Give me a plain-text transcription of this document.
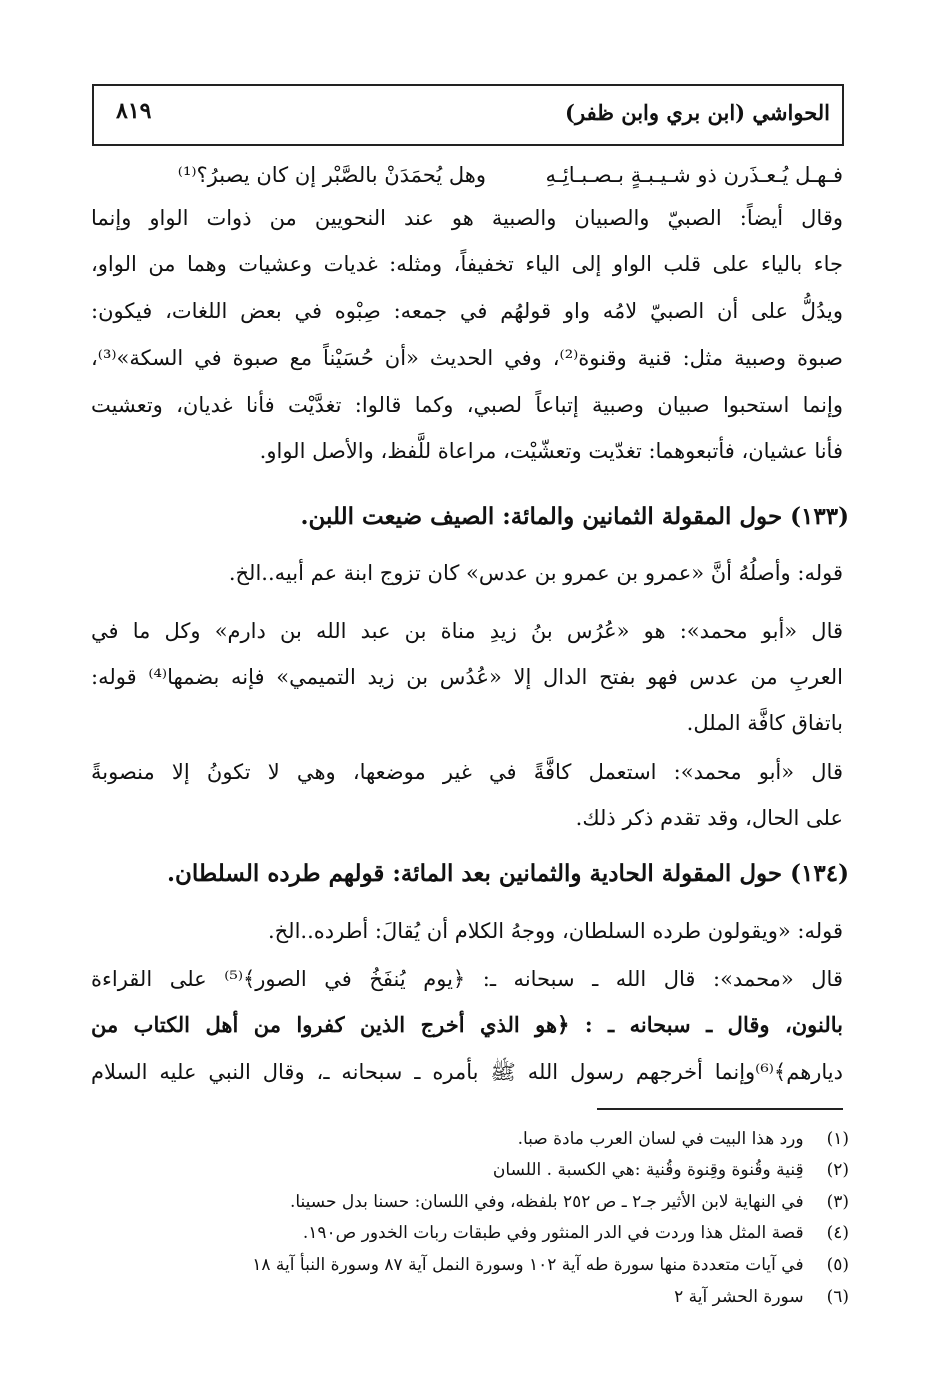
الحواشي (ابن بري وابن ظفر)
٨١٩
فـهـل يُـعـذَرن ذو شـيـبـةٍ بـصـبـائِـهِ
وهل يُحمَدَنْ بالصَّبْر إن كان يصبرُ؟⁽¹⁾
وقال أيضاً: الصبيّ والصبيان والصبية هو عند النحويين من ذوات الواو وإنما
جاء بالياء على قلب الواو إلى الياء تخفيفاً، ومثله: غديات وعشيات وهما من الواو،
ويدُلُّ على أن الصبيّ لامُه واو قولهُم في جمعه: صِبْوه في بعض اللغات، فيكون:
صبوة وصبية مثل: قنية وقنوة⁽²⁾، وفي الحديث «أن حُسَيْناً مع صبوة في السكة»⁽³⁾،
وإنما استحبوا صبيان وصبية إتباعاً لصبي، وكما قالوا: تغدَّيْت فأنا غديان، وتعشيت
فأنا عشيان، فأتبعوهما: تغدّيت وتعشّيْت، مراعاة للَّفظ، والأصل الواو.
(١٣٣) حول المقولة الثمانين والمائة: الصيف ضيعت اللبن.
قوله: وأصلُهُ أنَّ «عمرو بن عمرو بن عدس» كان تزوج ابنة عم أبيه..الخ.
قال «أبو محمد»: هو «عُرُس بنُ زيدِ مناة بن عبد الله بن دارم» وكل ما في
العربِ من عدس فهو بفتح الدال إلا «عُدُس بن زيد التميمي» فإنه بضمها⁽⁴⁾ قوله:
باتفاق كافَّة الملل.
قال «أبو محمد»: استعمل كافَّةً في غير موضعها، وهي لا تكونُ إلا منصوبةً
على الحال، وقد تقدم ذكر ذلك.
(١٣٤) حول المقولة الحادية والثمانين بعد المائة: قولهم طرده السلطان.
قوله: «ويقولون طرده السلطان، ووجهُ الكلام أن يُقالَ: أطرده..الخ.
قال «محمد»: قال الله ـ سبحانه ـ: ﴿يوم يُنفَخُ في الصور﴾⁽⁵⁾ على القراءة
بالنون، وقال ـ سبحانه ـ : ﴿هو الذي أخرج الذين كفروا من أهل الكتاب من
ديارهم﴾⁽⁶⁾وإنما أخرجهم رسول الله ﷺ بأمره ـ سبحانه ـ، وقال النبي عليه السلام
(١) ورد هذا البيت في لسان العرب مادة صبا.
(٢) قِنية وقُنوة وقِنوة وقُنية :هي الكسبة . اللسان
(٣) في النهاية لابن الأثير جـ٢ ـ ص ٢٥٢ بلفظه، وفي اللسان: حسنا بدل حسينا.
(٤) قصة المثل هذا وردت في الدر المنثور وفي طبقات ربات الخدور ص١٩٠.
(٥) في آيات متعددة منها سورة طه آية ١٠٢ وسورة النمل آية ٨٧ وسورة النبأ آية ١٨
(٦) سورة الحشر آية ٢
